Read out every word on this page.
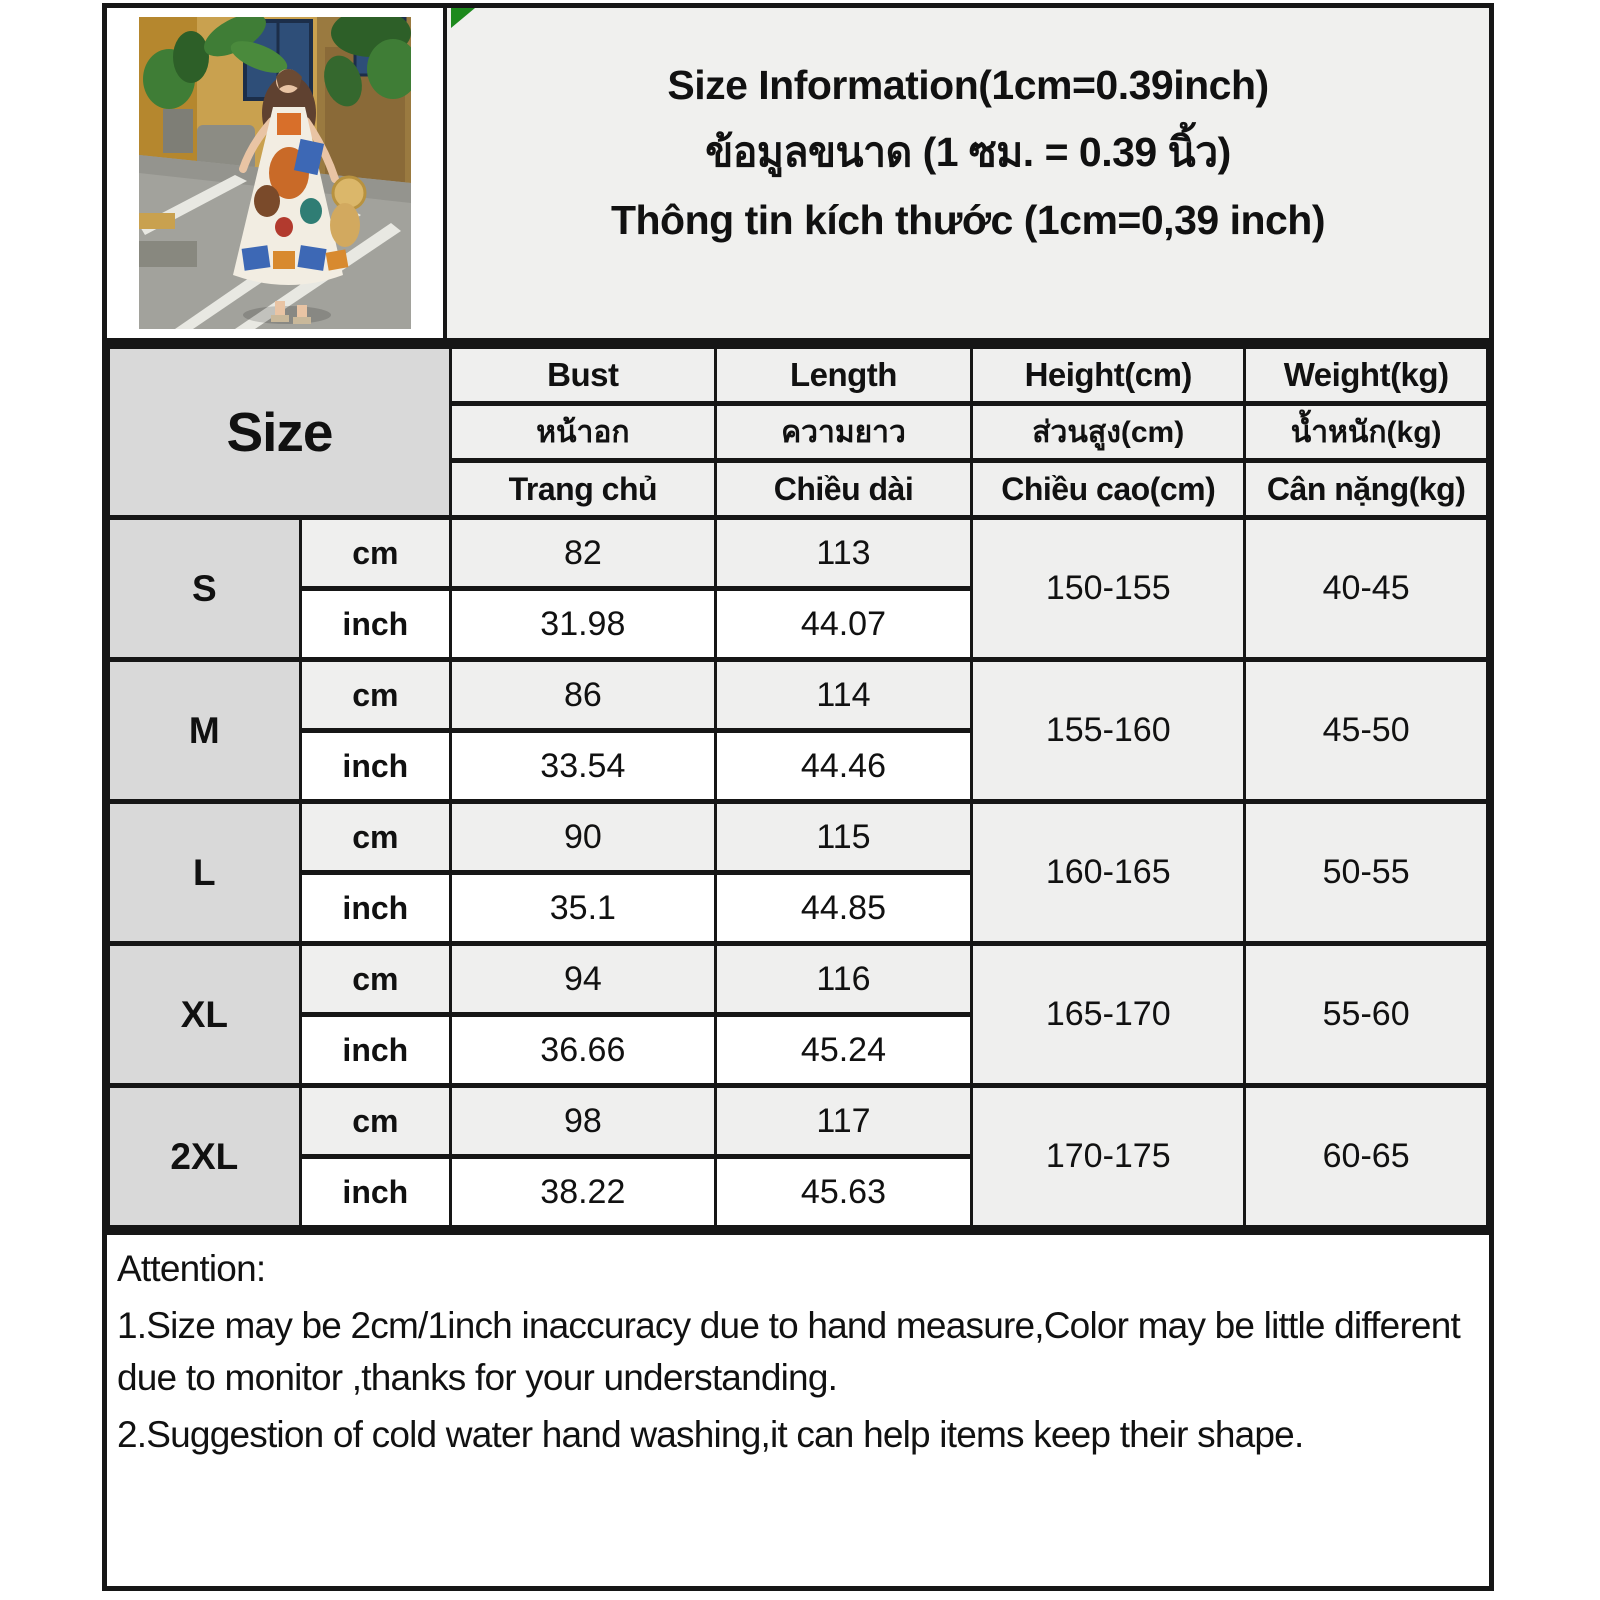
Size Information(1cm=0.39inch)
ข้อมูลขนาด (1 ซม. = 0.39 นิ้ว)
Thông tin kích thước (1cm=0,39 inch)
Size		Bust	Length	Height(cm)	Weight(kg)
		หน้าอก	ความยาว	ส่วนสูง(cm)	น้ำหนัก(kg)
		Trang chủ	Chiều dài	Chiều cao(cm)	Cân nặng(kg)
S	cm	82	113	150-155	40-45
	inch	31.98	44.07		
M	cm	86	114	155-160	45-50
	inch	33.54	44.46		
L	cm	90	115	160-165	50-55
	inch	35.1	44.85		
XL	cm	94	116	165-170	55-60
	inch	36.66	45.24		
2XL	cm	98	117	170-175	60-65
	inch	38.22	45.63		

Attention:

1.Size may be 2cm/1inch inaccuracy due to hand measure,Color may be little different due to monitor ,thanks for your understanding.

2.Suggestion of cold water hand washing,it can help items keep their shape.
